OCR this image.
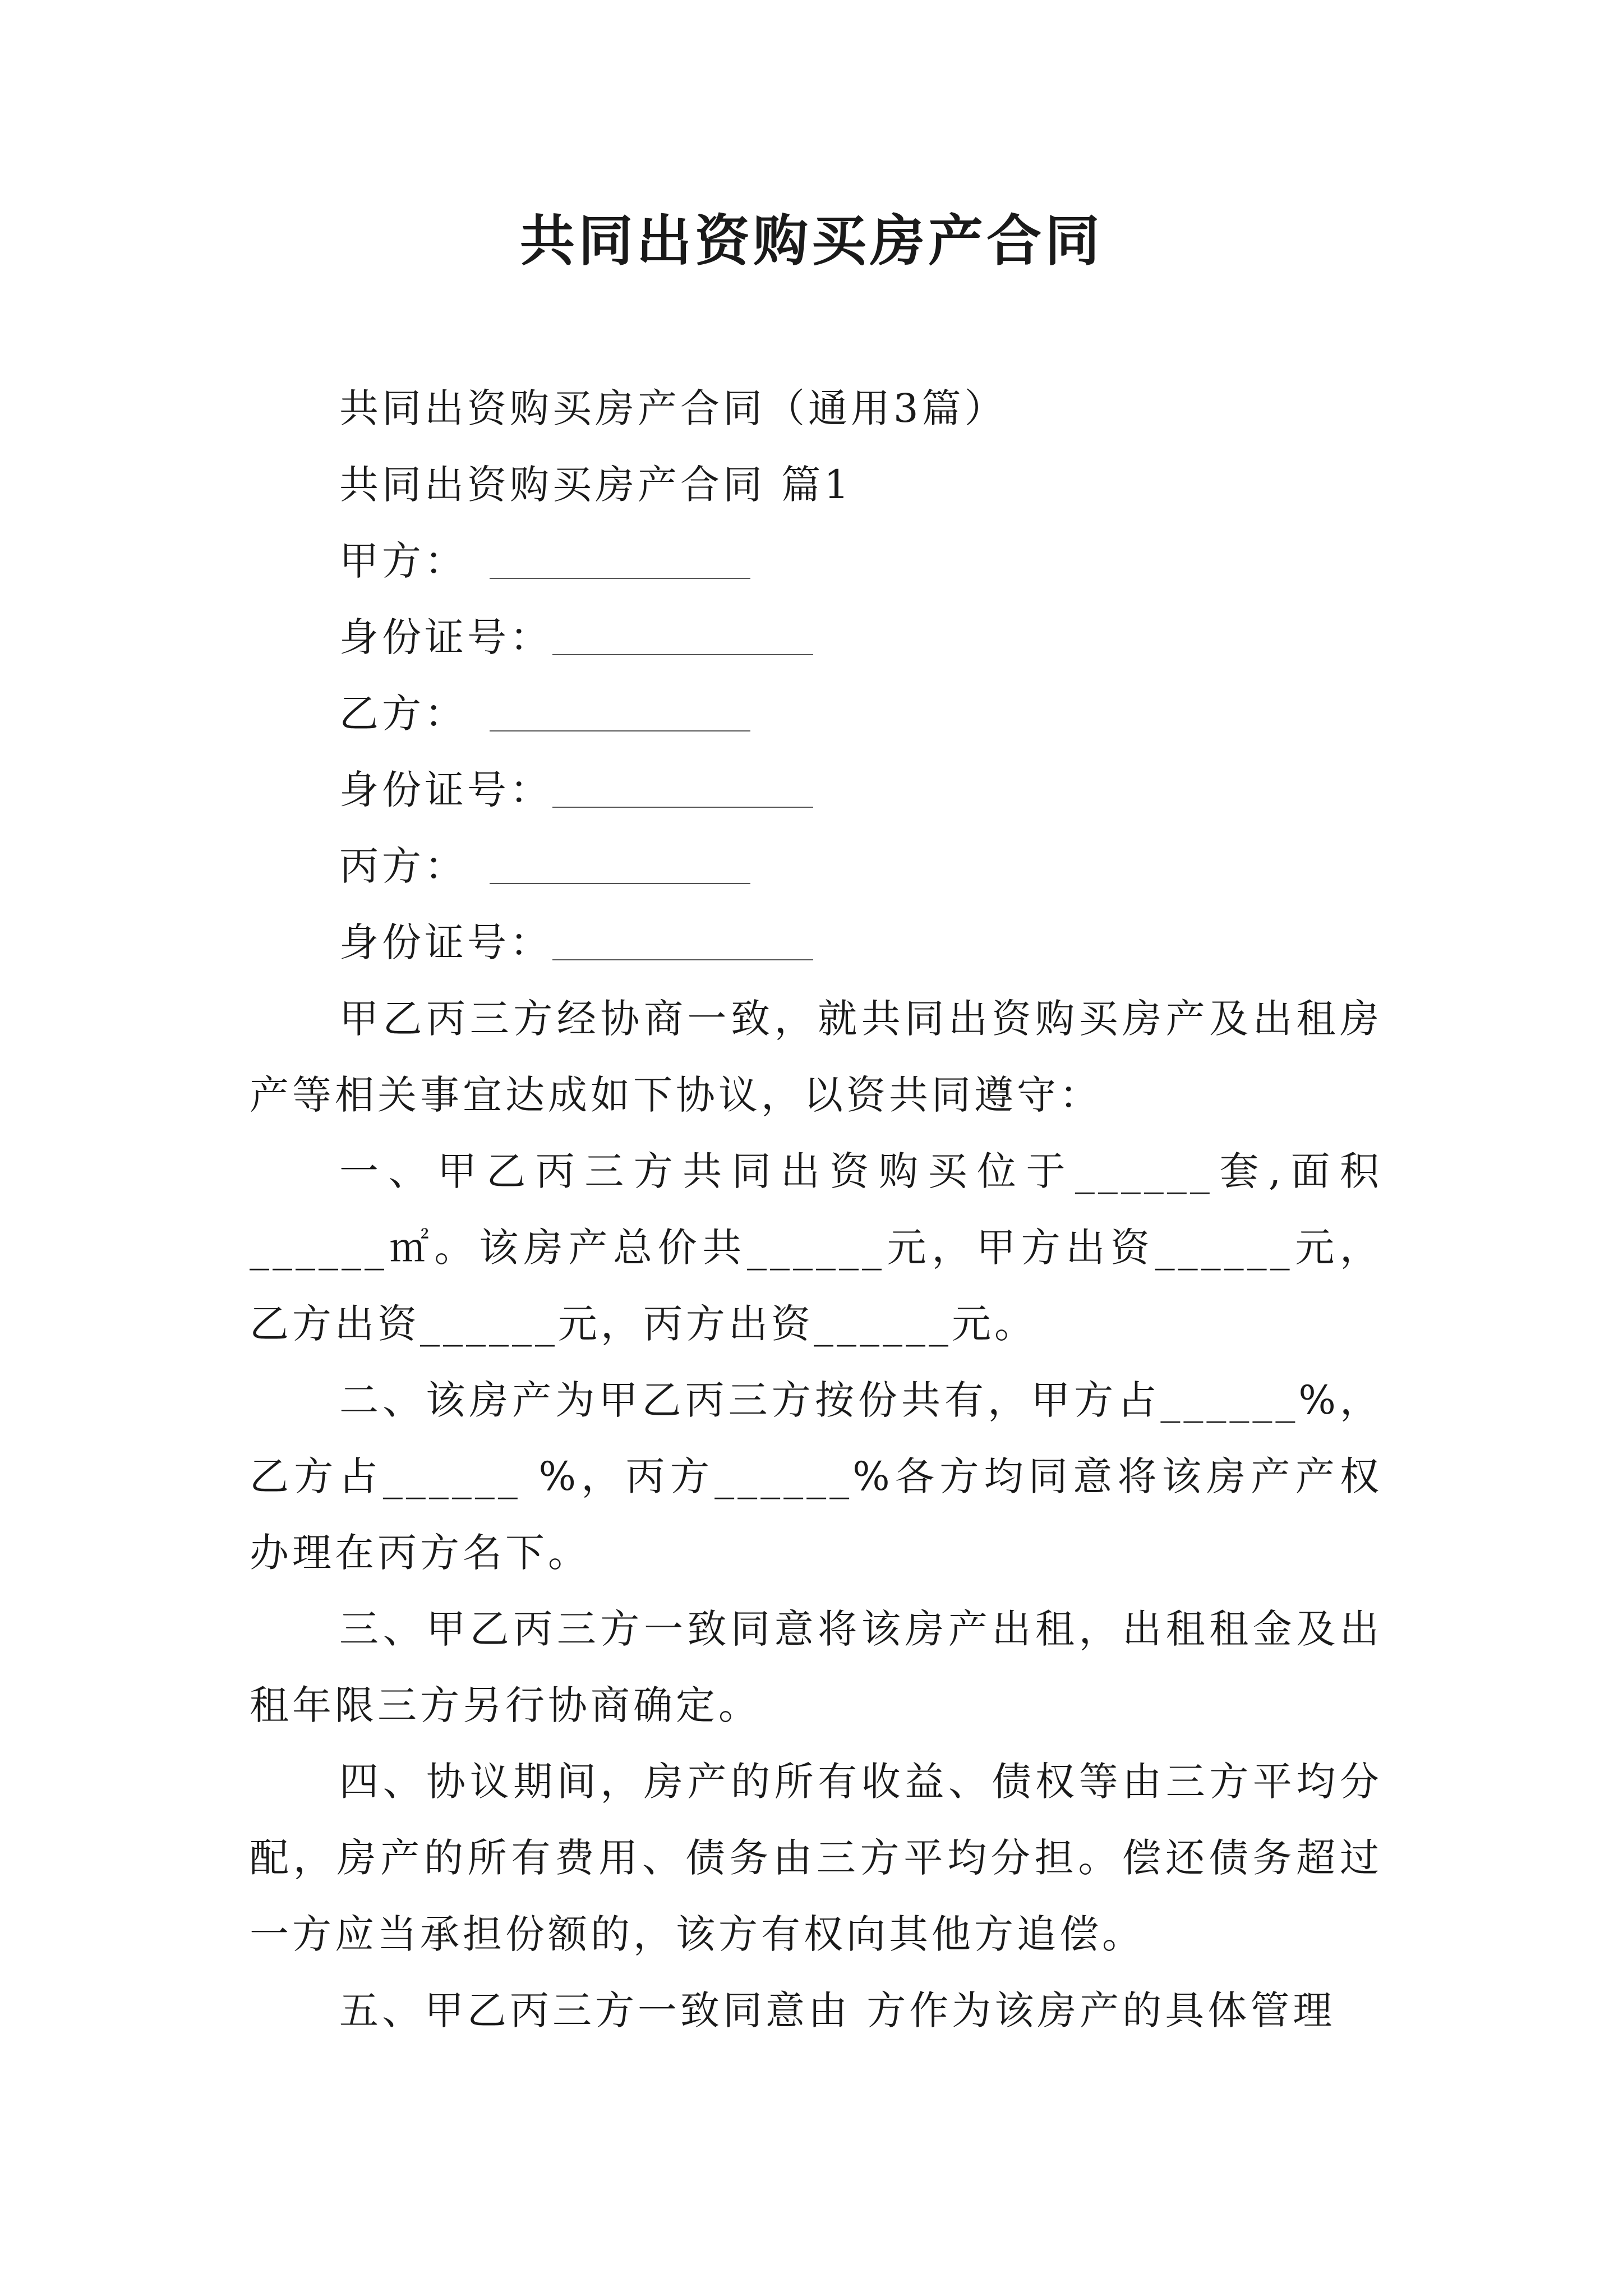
共同出资购买房产合同

共同出资购买房产合同（通用3篇）

共同出资购买房产合同 篇1

甲方：

身份证号：

乙方：

身份证号：

丙方：

身份证号：

甲乙丙三方经协商一致，就共同出资购买房产及出租房产等相关事宜达成如下协议，以资共同遵守：

一、甲乙丙三方共同出资购买位于______套,面积______㎡。该房产总价共______元，甲方出资______元，乙方出资______元，丙方出资______元。

二、该房产为甲乙丙三方按份共有，甲方占______%，乙方占______ %，丙方______%各方均同意将该房产产权办理在丙方名下。

三、甲乙丙三方一致同意将该房产出租，出租租金及出租年限三方另行协商确定。

四、协议期间，房产的所有收益、债权等由三方平均分配，房产的所有费用、债务由三方平均分担。偿还债务超过一方应当承担份额的，该方有权向其他方追偿。

五、甲乙丙三方一致同意由 方作为该房产的具体管理
